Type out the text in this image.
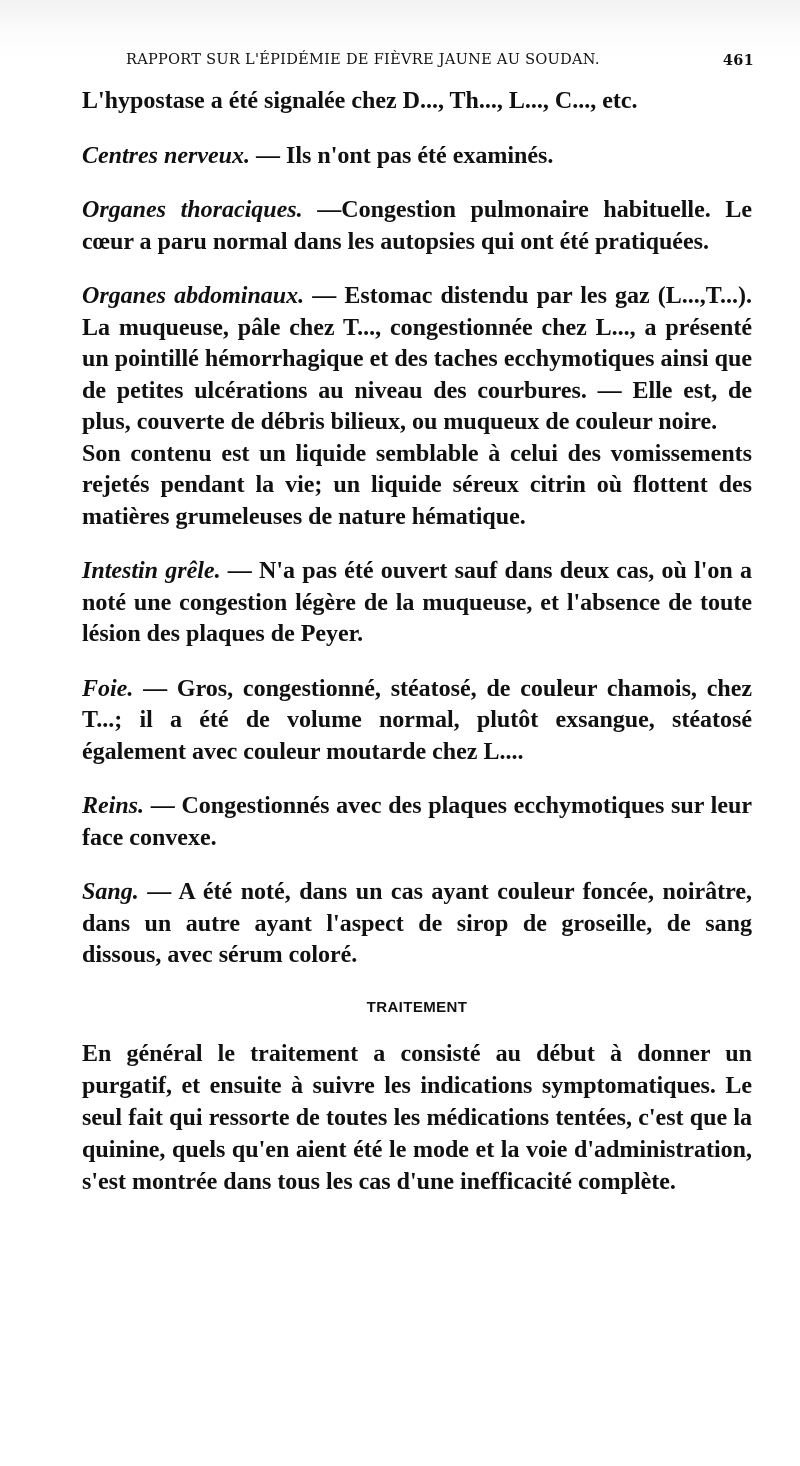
RAPPORT SUR L'ÉPIDÉMIE DE FIÈVRE JAUNE AU SOUDAN.	461

L'hypostase a été signalée chez D..., Th..., L..., C..., etc.

Centres nerveux. — Ils n'ont pas été examinés.

Organes thoraciques. —Congestion pulmonaire habituelle. Le cœur a paru normal dans les autopsies qui ont été pratiquées.

Organes abdominaux. — Estomac distendu par les gaz (L...,T...). La muqueuse, pâle chez T..., congestionnée chez L..., a présenté un pointillé hémorrhagique et des taches ecchymotiques ainsi que de petites ulcérations au niveau des courbures. — Elle est, de plus, couverte de débris bilieux, ou muqueux de couleur noire.

Son contenu est un liquide semblable à celui des vomissements rejetés pendant la vie; un liquide séreux citrin où flottent des matières grumeleuses de nature hématique.

Intestin grêle. — N'a pas été ouvert sauf dans deux cas, où l'on a noté une congestion légère de la muqueuse, et l'absence de toute lésion des plaques de Peyer.

Foie. — Gros, congestionné, stéatosé, de couleur chamois, chez T...; il a été de volume normal, plutôt exsangue, stéatosé également avec couleur moutarde chez L....

Reins. — Congestionnés avec des plaques ecchymotiques sur leur face convexe.

Sang. — A été noté, dans un cas ayant couleur foncée, noirâtre, dans un autre ayant l'aspect de sirop de groseille, de sang dissous, avec sérum coloré.

TRAITEMENT

En général le traitement a consisté au début à donner un purgatif, et ensuite à suivre les indications symptomatiques. Le seul fait qui ressorte de toutes les médications tentées, c'est que la quinine, quels qu'en aient été le mode et la voie d'administration, s'est montrée dans tous les cas d'une inefficacité complète.
